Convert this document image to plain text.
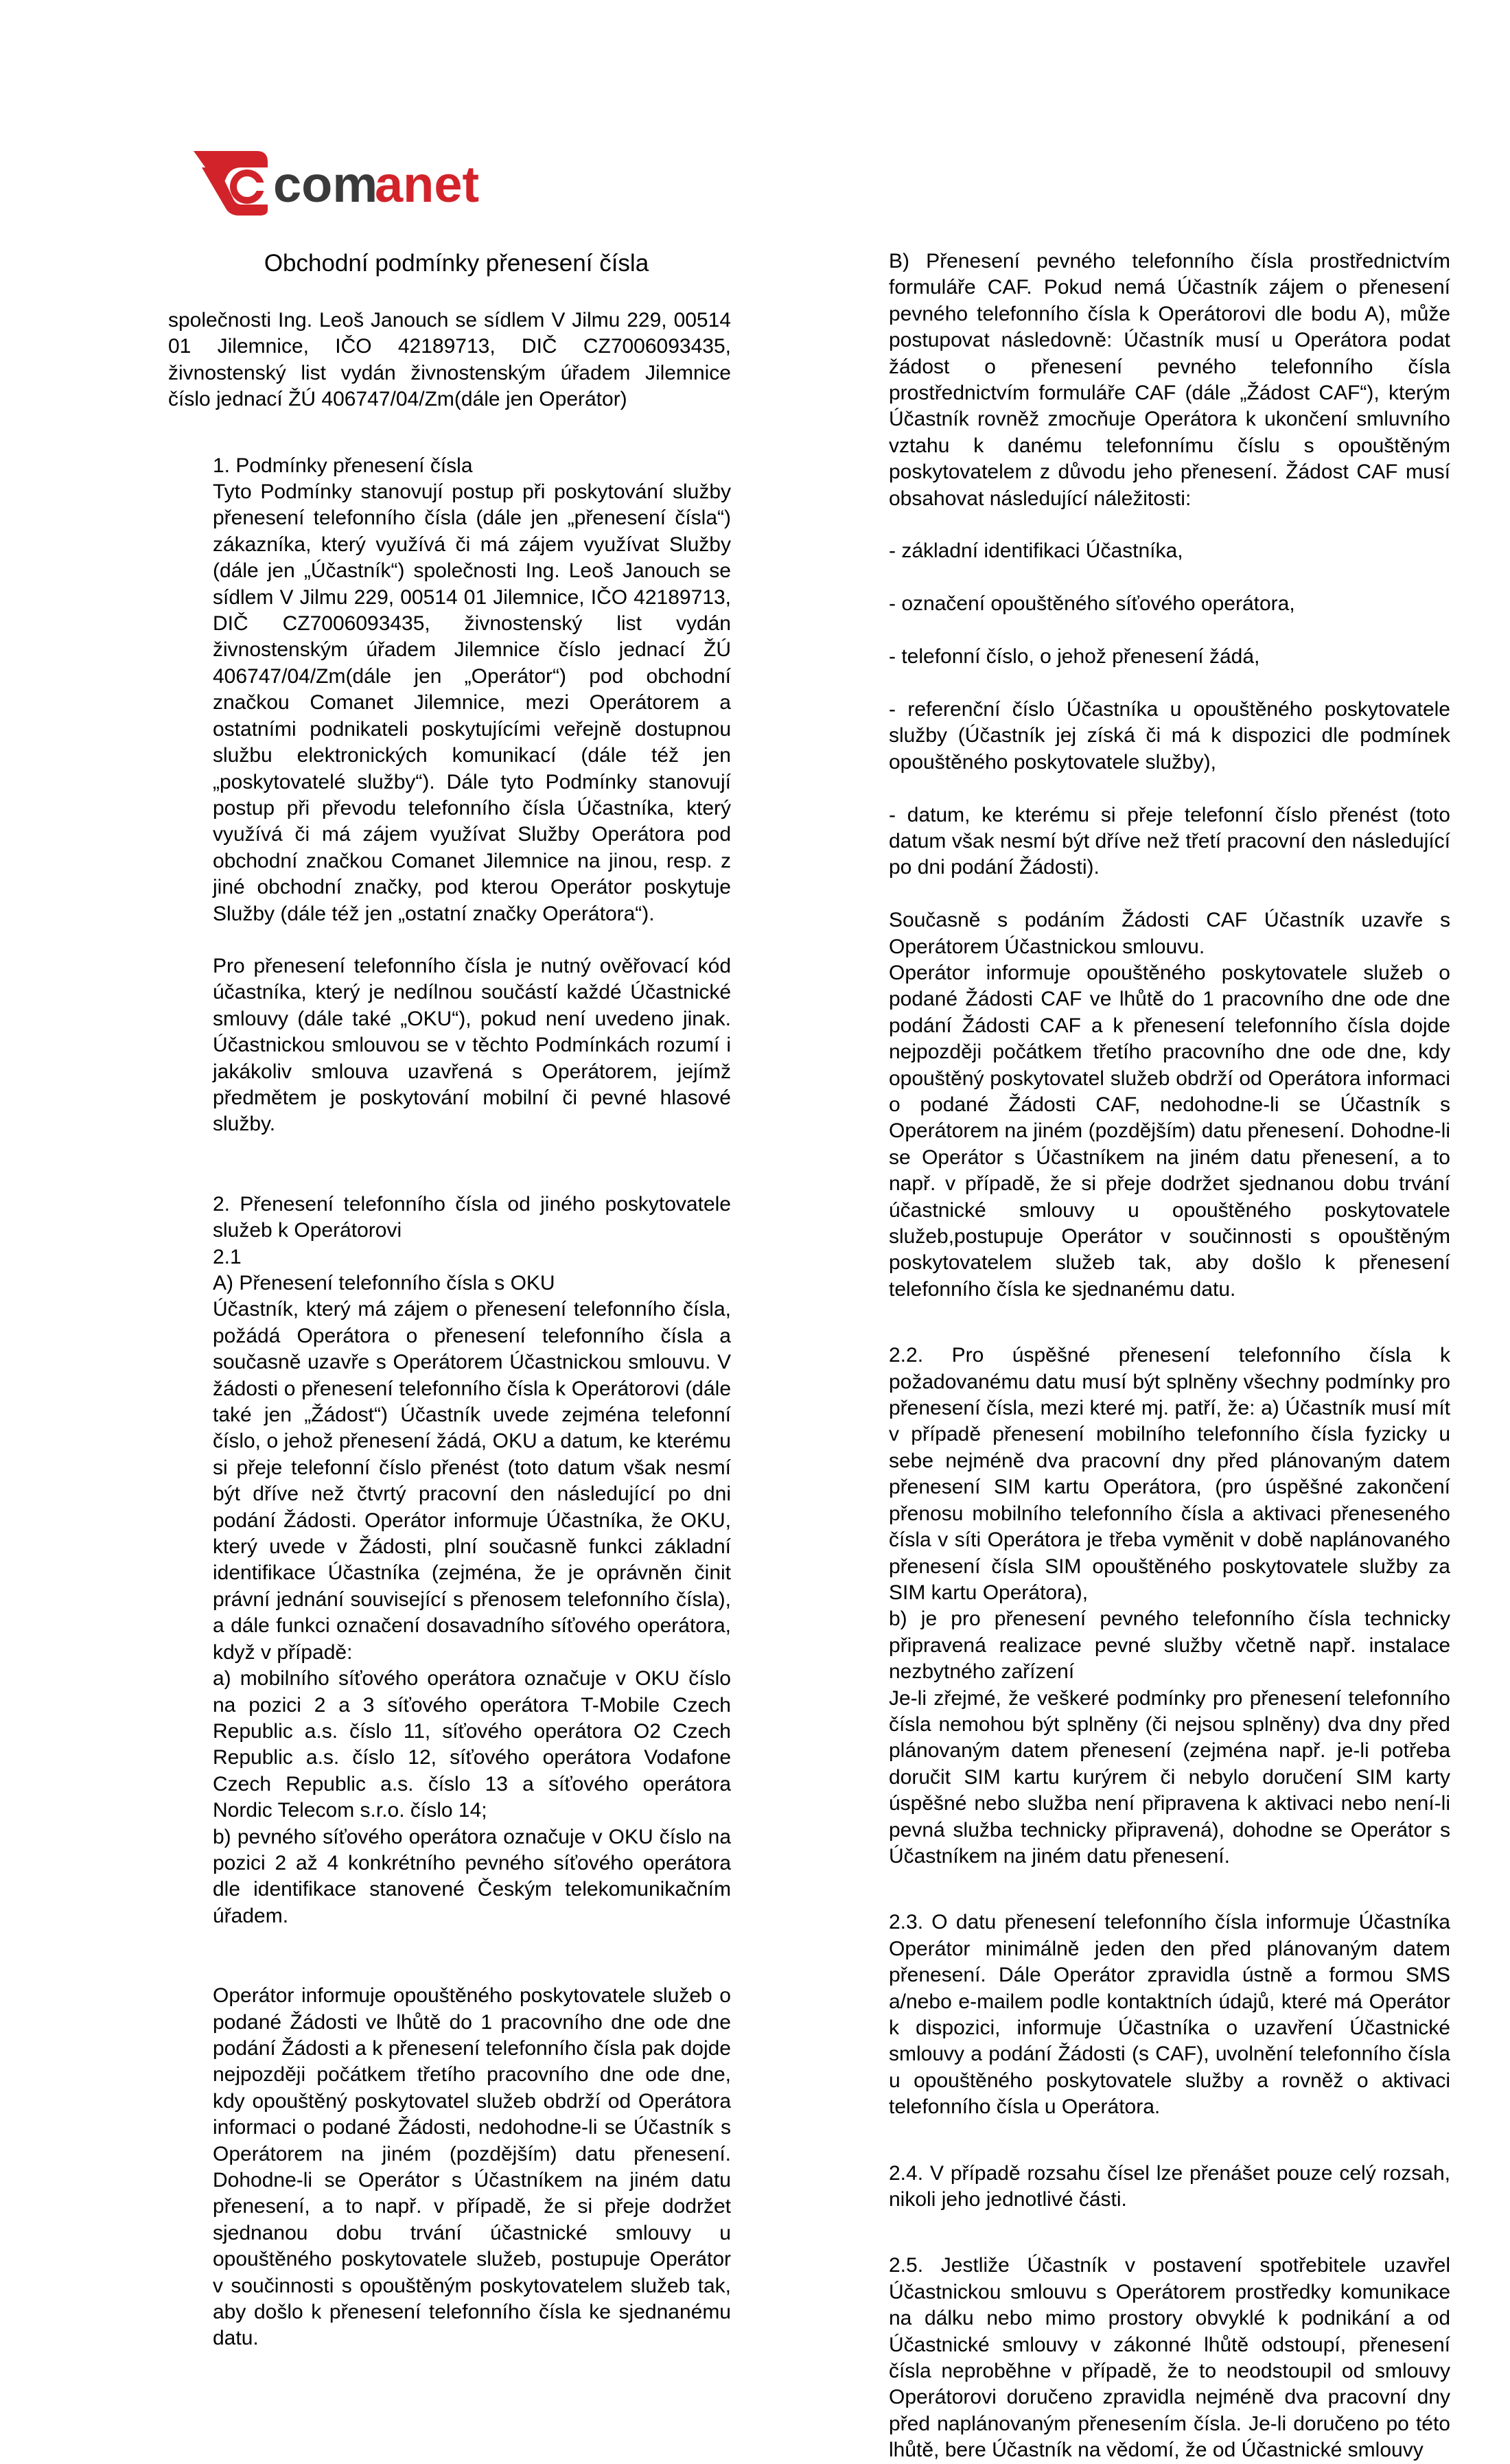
com
anet
Obchodní podmínky přenesení čísla
společnosti Ing. Leoš Janouch se sídlem V Jilmu 229, 00514 01 Jilemnice, IČO 42189713, DIČ CZ7006093435, živnostenský list vydán živnostenským úřadem Jilemnice číslo jednací ŽÚ 406747/04/Zm(dále jen Operátor)
1. Podmínky přenesení čísla
Tyto Podmínky stanovují postup při poskytování služby přenesení telefonního čísla (dále jen „přenesení čísla“) zákazníka, který využívá či má zájem využívat Služby (dále jen „Účastník“) společnosti Ing. Leoš Janouch se sídlem V Jilmu 229, 00514 01 Jilemnice, IČO 42189713, DIČ CZ7006093435, živnostenský list vydán živnostenským úřadem Jilemnice číslo jednací ŽÚ 406747/04/Zm(dále jen „Operátor“) pod obchodní značkou Comanet Jilemnice, mezi Operátorem a ostatními podnikateli poskytujícími veřejně dostupnou službu elektronických komunikací (dále též jen „poskytovatelé služby“). Dále tyto Podmínky stanovují postup při převodu telefonního čísla Účastníka, který využívá či má zájem využívat Služby Operátora pod obchodní značkou Comanet Jilemnice na jinou, resp. z jiné obchodní značky, pod kterou Operátor poskytuje Služby (dále též jen „ostatní značky Operátora“).
Pro přenesení telefonního čísla je nutný ověřovací kód účastníka, který je nedílnou součástí každé Účastnické smlouvy (dále také „OKU“), pokud není uvedeno jinak. Účastnickou smlouvou se v těchto Podmínkách rozumí i jakákoliv smlouva uzavřená s Operátorem, jejímž předmětem je poskytování mobilní či pevné hlasové služby.
2. Přenesení telefonního čísla od jiného poskytovatele služeb k Operátorovi
2.1
A) Přenesení telefonního čísla s OKU
Účastník, který má zájem o přenesení telefonního čísla, požádá Operátora o přenesení telefonního čísla a současně uzavře s Operátorem Účastnickou smlouvu. V žádosti o přenesení telefonního čísla k Operátorovi (dále také jen „Žádost“) Účastník uvede zejména telefonní číslo, o jehož přenesení žádá, OKU a datum, ke kterému si přeje telefonní číslo přenést (toto datum však nesmí být dříve než čtvrtý pracovní den následující po dni podání Žádosti. Operátor informuje Účastníka, že OKU, který uvede v Žádosti, plní současně funkci základní identifikace Účastníka (zejména, že je oprávněn činit právní jednání související s přenosem telefonního čísla), a dále funkci označení dosavadního síťového operátora, když v případě:
a) mobilního síťového operátora označuje v OKU číslo na pozici 2 a 3 síťového operátora T-Mobile Czech Republic a.s. číslo 11, síťového operátora O2 Czech Republic a.s. číslo 12, síťového operátora Vodafone Czech Republic a.s. číslo 13 a síťového operátora Nordic Telecom s.r.o. číslo 14;
b) pevného síťového operátora označuje v OKU číslo na pozici 2 až 4 konkrétního pevného síťového operátora dle identifikace stanovené Českým telekomunikačním úřadem.
Operátor informuje opouštěného poskytovatele služeb o podané Žádosti ve lhůtě do 1 pracovního dne ode dne podání Žádosti a k přenesení telefonního čísla pak dojde nejpozději počátkem třetího pracovního dne ode dne, kdy opouštěný poskytovatel služeb obdrží od Operátora informaci o podané Žádosti, nedohodne-li se Účastník s Operátorem na jiném (pozdějším) datu přenesení. Dohodne-li se Operátor s Účastníkem na jiném datu přenesení, a to např. v případě, že si přeje dodržet sjednanou dobu trvání účastnické smlouvy u opouštěného poskytovatele služeb, postupuje Operátor v součinnosti s opouštěným poskytovatelem služeb tak, aby došlo k přenesení telefonního čísla ke sjednanému datu.
B) Přenesení pevného telefonního čísla prostřednictvím formuláře CAF. Pokud nemá Účastník zájem o přenesení pevného telefonního čísla k Operátorovi dle bodu A), může postupovat následovně: Účastník musí u Operátora podat žádost o přenesení pevného telefonního čísla prostřednictvím formuláře CAF (dále „Žádost CAF“), kterým Účastník rovněž zmocňuje Operátora k ukončení smluvního vztahu k danému telefonnímu číslu s opouštěným poskytovatelem z důvodu jeho přenesení. Žádost CAF musí obsahovat následující náležitosti:

- základní identifikaci Účastníka,

- označení opouštěného síťového operátora,

- telefonní číslo, o jehož přenesení žádá,

- referenční číslo Účastníka u opouštěného poskytovatele služby (Účastník jej získá či má k dispozici dle podmínek opouštěného poskytovatele služby),

- datum, ke kterému si přeje telefonní číslo přenést (toto datum však nesmí být dříve než třetí pracovní den následující po dni podání Žádosti).

Současně s podáním Žádosti CAF Účastník uzavře s Operátorem Účastnickou smlouvu.
Operátor informuje opouštěného poskytovatele služeb o podané Žádosti CAF ve lhůtě do 1 pracovního dne ode dne podání Žádosti CAF a k přenesení telefonního čísla dojde nejpozději počátkem třetího pracovního dne ode dne, kdy opouštěný poskytovatel služeb obdrží od Operátora informaci o podané Žádosti CAF, nedohodne-li se Účastník s Operátorem na jiném (pozdějším) datu přenesení. Dohodne-li se Operátor s Účastníkem na jiném datu přenesení, a to např. v případě, že si přeje dodržet sjednanou dobu trvání účastnické smlouvy u opouštěného poskytovatele služeb,postupuje Operátor v součinnosti s opouštěným poskytovatelem služeb tak, aby došlo k přenesení telefonního čísla ke sjednanému datu.
2.2. Pro úspěšné přenesení telefonního čísla k požadovanému datu musí být splněny všechny podmínky pro přenesení čísla, mezi které mj. patří, že: a) Účastník musí mít v případě přenesení mobilního telefonního čísla fyzicky u sebe nejméně dva pracovní dny před plánovaným datem přenesení SIM kartu Operátora, (pro úspěšné zakončení přenosu mobilního telefonního čísla a aktivaci přeneseného čísla v síti Operátora je třeba vyměnit v době naplánovaného přenesení čísla SIM opouštěného poskytovatele služby za SIM kartu Operátora),
b) je pro přenesení pevného telefonního čísla technicky připravená realizace pevné služby včetně např. instalace nezbytného zařízení
Je-li zřejmé, že veškeré podmínky pro přenesení telefonního čísla nemohou být splněny (či nejsou splněny) dva dny před plánovaným datem přenesení (zejména např. je-li potřeba doručit SIM kartu kurýrem či nebylo doručení SIM karty úspěšné nebo služba není připravena k aktivaci nebo není-li pevná služba technicky připravená), dohodne se Operátor s Účastníkem na jiném datu přenesení.
2.3. O datu přenesení telefonního čísla informuje Účastníka Operátor minimálně jeden den před plánovaným datem přenesení. Dále Operátor zpravidla ústně a formou SMS a/nebo e-mailem podle kontaktních údajů, které má Operátor k dispozici, informuje Účastníka o uzavření Účastnické smlouvy a podání Žádosti (s CAF), uvolnění telefonního čísla u opouštěného poskytovatele služby a rovněž o aktivaci telefonního čísla u Operátora.
2.4. V případě rozsahu čísel lze přenášet pouze celý rozsah, nikoli jeho jednotlivé části.
2.5. Jestliže Účastník v postavení spotřebitele uzavřel Účastnickou smlouvu s Operátorem prostředky komunikace na dálku nebo mimo prostory obvyklé k podnikání a od Účastnické smlouvy v zákonné lhůtě odstoupí, přenesení čísla neproběhne v případě, že to neodstoupil od smlouvy Operátorovi doručeno zpravidla nejméně dva pracovní dny před naplánovaným přenesením čísla. Je-li doručeno po této lhůtě, bere Účastník na vědomí, že od Účastnické smlouvy
